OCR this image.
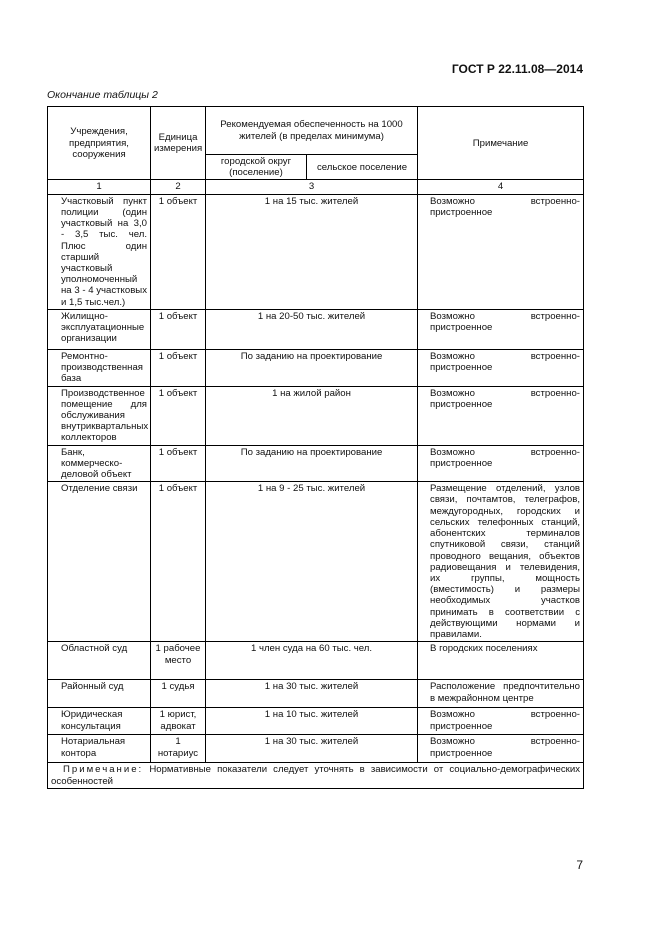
ГОСТ Р 22.11.08—2014
Окончание таблицы 2
Учреждения, предприятия, сооружения	Единица измерения	Рекомендуемая обеспеченность на 1000 жителей (в пределах минимума)		Примечание
		городской округ (поселение)	сельское поселение	
1	2	3		4

Участковый пункт полиции (один участковый на 3,0 - 3,5 тыс. чел. Плюс один старший участковый уполномоченный на 3 - 4 участковых и 1,5 тыс.чел.)	1 объект	1 на 15 тыс. жителей		Возможно встроенно-пристроенное

Жилищно-эксплуатационные организации	1 объект	1 на 20-50 тыс. жителей		Возможно встроенно-пристроенное

Ремонтно-производственная база	1 объект	По заданию на проектирование		Возможно встроенно-пристроенное

Производственное помещение для обслуживания внутриквартальных коллекторов	1 объект	1 на жилой район		Возможно встроенно-пристроенное

Банк, коммерческо-деловой объект	1 объект	По заданию на проектирование		Возможно встроенно-пристроенное

Отделение связи	1 объект	1 на 9 - 25 тыс. жителей		Размещение отделений, узлов связи, почтамтов, телеграфов, междугородных, городских и сельских телефонных станций, абонентских терминалов спутниковой связи, станций проводного вещания, объектов радиовещания и телевидения, их группы, мощность (вместимость) и размеры необходимых участков принимать в соответствии с действующими нормами и правилами.

Областной суд	1 рабочее место	1 член суда на 60 тыс. чел.		В городских поселениях

Районный суд	1 судья	1 на 30 тыс. жителей		Расположение предпочтительно в межрайонном центре

Юридическая консультация	1 юрист, адвокат	1 на 10 тыс. жителей		Возможно встроенно-пристроенное

Нотариальная контора	1 нотариус	1 на 30 тыс. жителей		Возможно встроенно-пристроенное
Примечание: Нормативные показатели следует уточнять в зависимости от социально-демографических особенностей				
7
